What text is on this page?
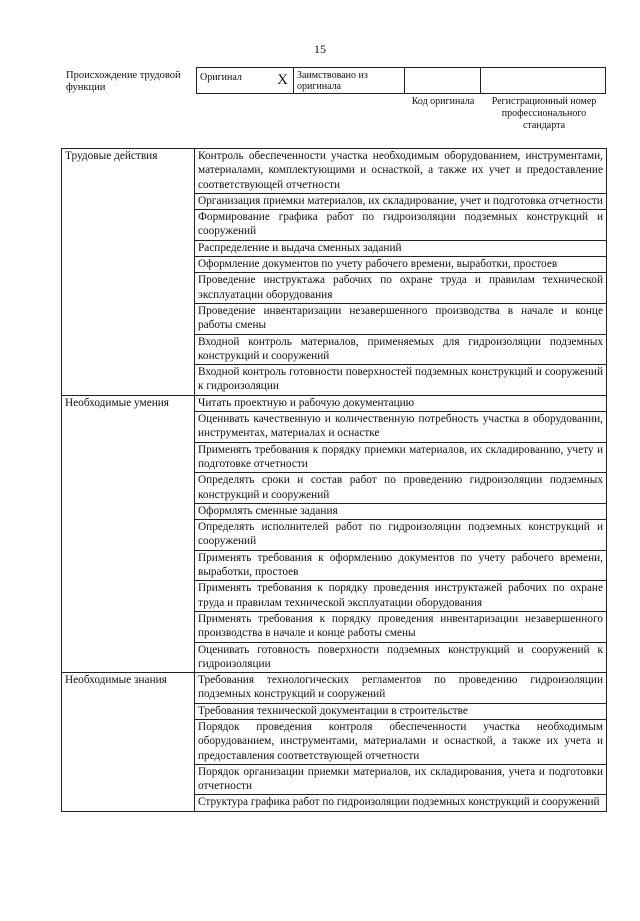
15
Происхождение трудовой функции
Оригинал X	Заимствовано из оригинала		
Код оригинала	Регистрационный номер профессионального стандарта
Трудовые действия	Контроль обеспеченности участка необходимым оборудованием, инструментами, материалами, комплектующими и оснасткой, а также их учет и предоставление соответствующей отчетности
	Организация приемки материалов, их складирование, учет и подготовка отчетности
	Формирование графика работ по гидроизоляции подземных конструкций и сооружений
	Распределение и выдача сменных заданий
	Оформление документов по учету рабочего времени, выработки, простоев
	Проведение инструктажа рабочих по охране труда и правилам технической эксплуатации оборудования
	Проведение инвентаризации незавершенного производства в начале и конце работы смены
	Входной контроль материалов, применяемых для гидроизоляции подземных конструкций и сооружений
	Входной контроль готовности поверхностей подземных конструкций и сооружений к гидроизоляции
Необходимые умения	Читать проектную и рабочую документацию
	Оценивать качественную и количественную потребность участка в оборудовании, инструментах, материалах и оснастке
	Применять требования к порядку приемки материалов, их складированию, учету и подготовке отчетности
	Определять сроки и состав работ по проведению гидроизоляции подземных конструкций и сооружений
	Оформлять сменные задания
	Определять исполнителей работ по гидроизоляции подземных конструкций и сооружений
	Применять требования к оформлению документов по учету рабочего времени, выработки, простоев
	Применять требования к порядку проведения инструктажей рабочих по охране труда и правилам технической эксплуатации оборудования
	Применять требования к порядку проведения инвентаризации незавершенного производства в начале и конце работы смены
	Оценивать готовность поверхности подземных конструкций и сооружений к гидроизоляции
Необходимые знания	Требования технологических регламентов по проведению гидроизоляции подземных конструкций и сооружений
	Требования технической документации в строительстве
	Порядок проведения контроля обеспеченности участка необходимым оборудованием, инструментами, материалами и оснасткой, а также их учета и предоставления соответствующей отчетности
	Порядок организации приемки материалов, их складирования, учета и подготовки отчетности
	Структура графика работ по гидроизоляции подземных конструкций и сооружений
